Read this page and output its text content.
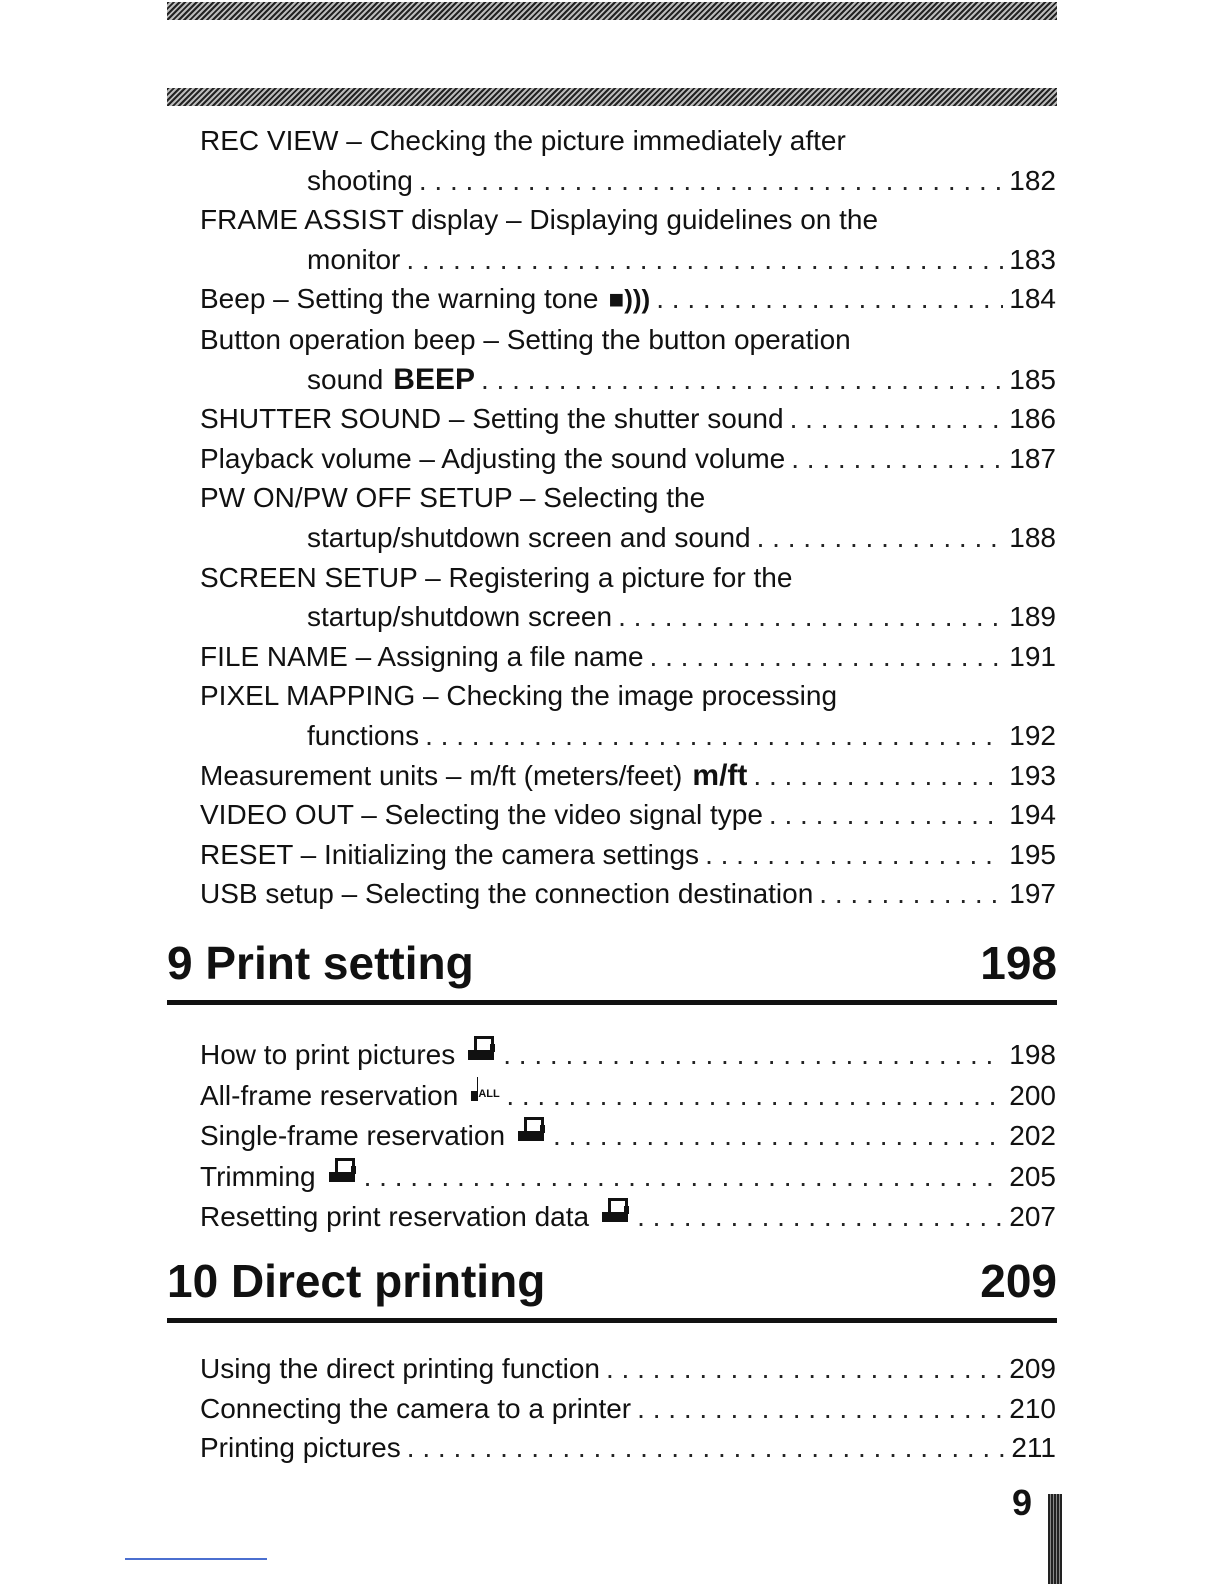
REC VIEW – Checking the picture immediately after
shooting . . .	182
FRAME ASSIST display – Displaying guidelines on the
monitor . . .	183
Beep – Setting the warning tone ■))) . . .	184
Button operation beep – Setting the button operation
sound BEEP . . .	185
SHUTTER SOUND – Setting the shutter sound . . .	186
Playback volume – Adjusting the sound volume . . .	187
PW ON/PW OFF SETUP – Selecting the
startup/shutdown screen and sound . . .	188
SCREEN SETUP – Registering a picture for the
startup/shutdown screen . . .	189
FILE NAME – Assigning a file name . . .	191
PIXEL MAPPING – Checking the image processing
functions . . .	192
Measurement units – m/ft (meters/feet) m/ft . . .	193
VIDEO OUT – Selecting the video signal type . . .	194
RESET – Initializing the camera settings . . .	195
USB setup – Selecting the connection destination . . .	197
9 Print setting	198
How to print pictures . . .	198
All-frame reservation ALL . . .	200
Single-frame reservation . . .	202
Trimming . . .	205
Resetting print reservation data . . .	207
10 Direct printing	209
Using the direct printing function . . .	209
Connecting the camera to a printer . . .	210
Printing pictures . . .	211
9
